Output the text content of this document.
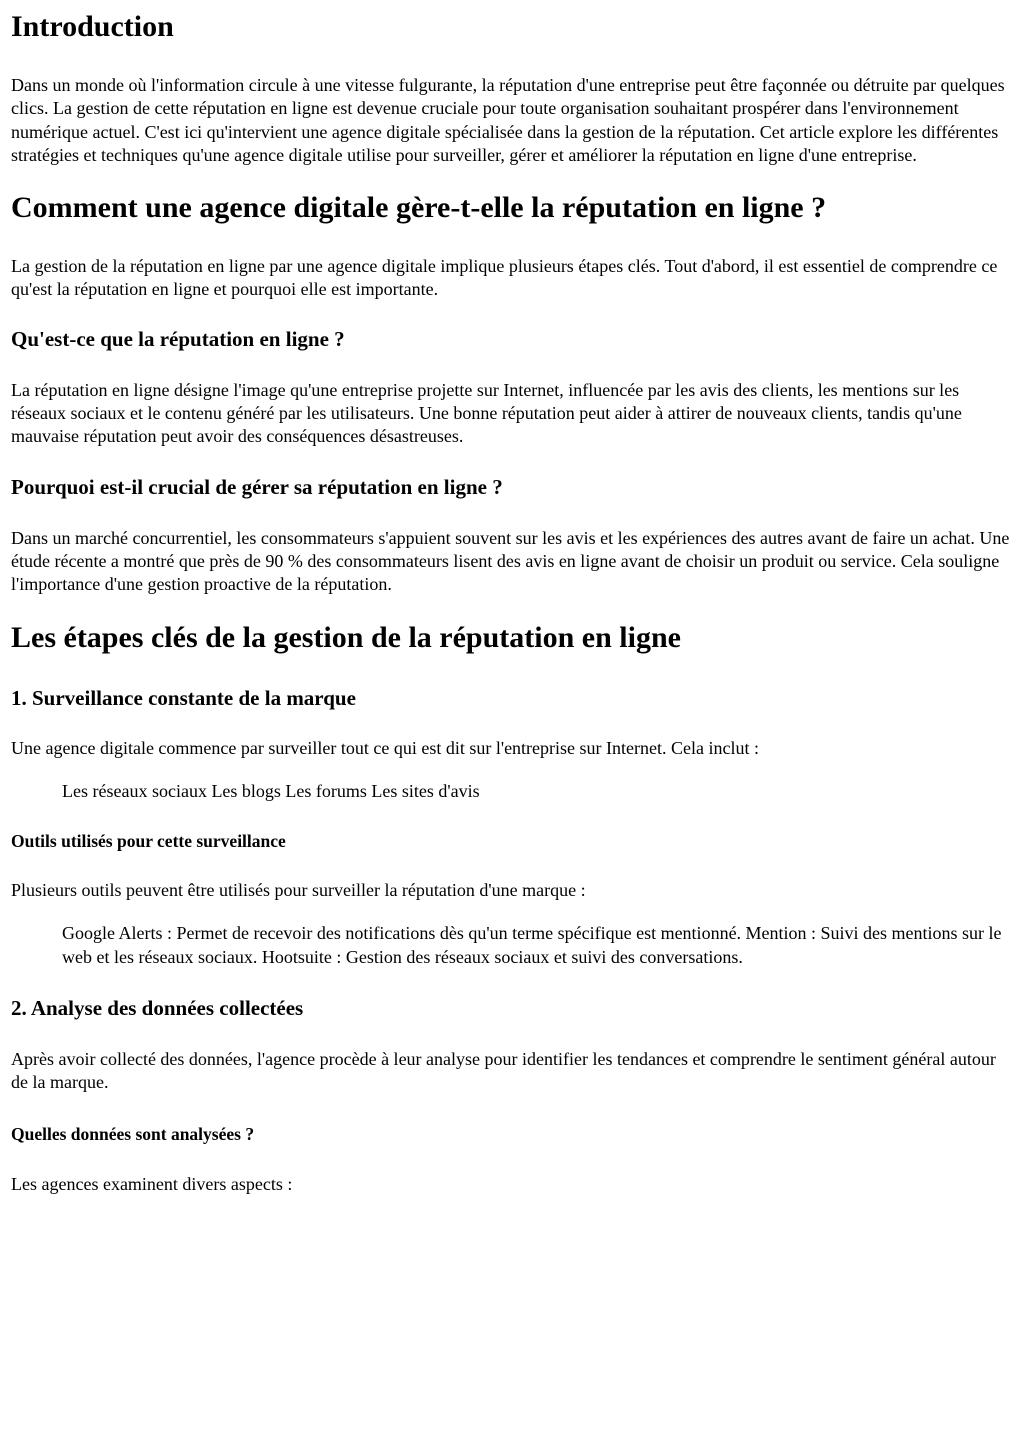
Introduction

Dans un monde où l'information circule à une vitesse fulgurante, la réputation d'une entreprise peut être façonnée ou détruite par quelques clics. La gestion de cette réputation en ligne est devenue cruciale pour toute organisation souhaitant prospérer dans l'environnement numérique actuel. C'est ici qu'intervient une agence digitale spécialisée dans la gestion de la réputation. Cet article explore les différentes stratégies et techniques qu'une agence digitale utilise pour surveiller, gérer et améliorer la réputation en ligne d'une entreprise.

Comment une agence digitale gère-t-elle la réputation en ligne ?

La gestion de la réputation en ligne par une agence digitale implique plusieurs étapes clés. Tout d'abord, il est essentiel de comprendre ce qu'est la réputation en ligne et pourquoi elle est importante.

Qu'est-ce que la réputation en ligne ?

La réputation en ligne désigne l'image qu'une entreprise projette sur Internet, influencée par les avis des clients, les mentions sur les réseaux sociaux et le contenu généré par les utilisateurs. Une bonne réputation peut aider à attirer de nouveaux clients, tandis qu'une mauvaise réputation peut avoir des conséquences désastreuses.

Pourquoi est-il crucial de gérer sa réputation en ligne ?

Dans un marché concurrentiel, les consommateurs s'appuient souvent sur les avis et les expériences des autres avant de faire un achat. Une étude récente a montré que près de 90 % des consommateurs lisent des avis en ligne avant de choisir un produit ou service. Cela souligne l'importance d'une gestion proactive de la réputation.

Les étapes clés de la gestion de la réputation en ligne
1. Surveillance constante de la marque

Une agence digitale commence par surveiller tout ce qui est dit sur l'entreprise sur Internet. Cela inclut :

Les réseaux sociaux Les blogs Les forums Les sites d'avis
Outils utilisés pour cette surveillance

Plusieurs outils peuvent être utilisés pour surveiller la réputation d'une marque :

Google Alerts : Permet de recevoir des notifications dès qu'un terme spécifique est mentionné. Mention : Suivi des mentions sur le web et les réseaux sociaux. Hootsuite : Gestion des réseaux sociaux et suivi des conversations.
2. Analyse des données collectées

Après avoir collecté des données, l'agence procède à leur analyse pour identifier les tendances et comprendre le sentiment général autour de la marque.

Quelles données sont analysées ?

Les agences examinent divers aspects :
